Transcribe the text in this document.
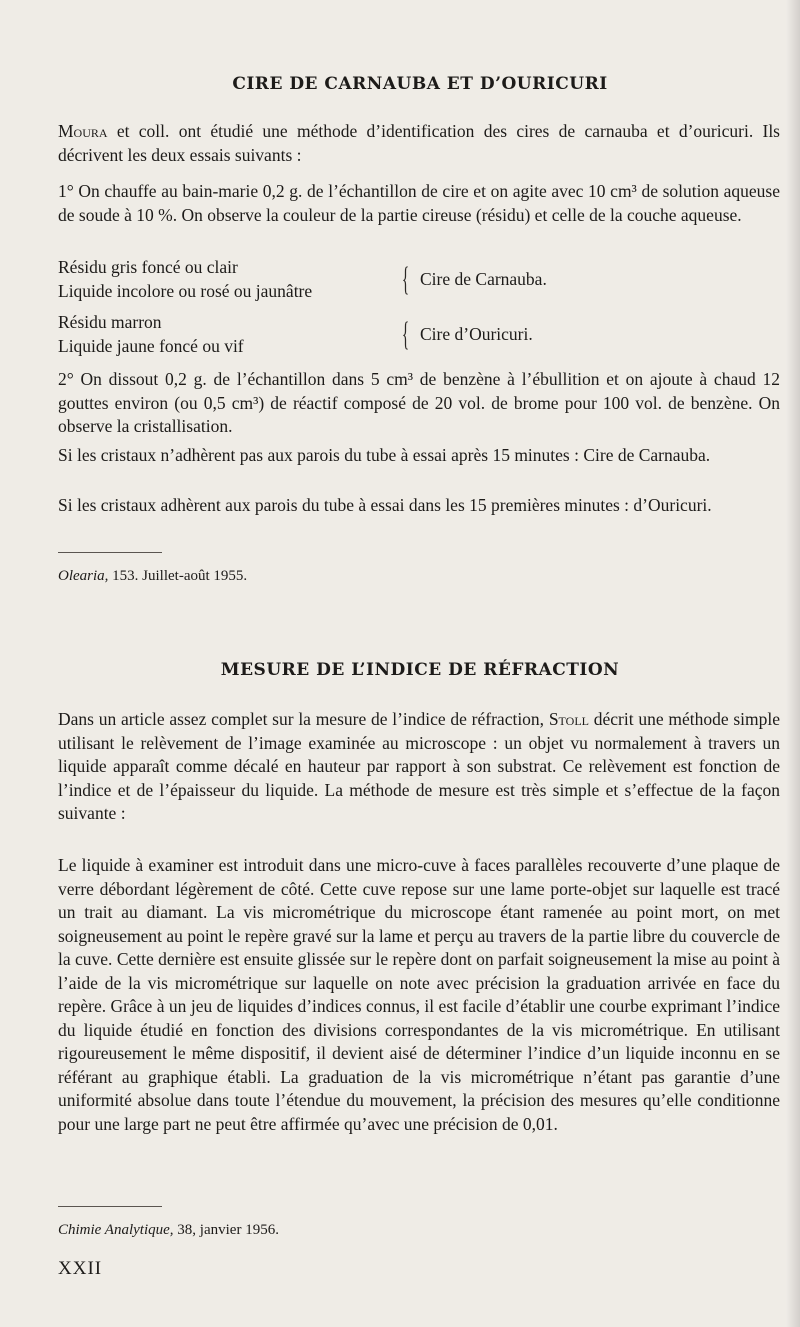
CIRE DE CARNAUBA ET D’OURICURI

Moura et coll. ont étudié une méthode d’identification des cires de carnauba et d’ouricuri. Ils décrivent les deux essais suivants :

1° On chauffe au bain-marie 0,2 g. de l’échantillon de cire et on agite avec 10 cm³ de solution aqueuse de soude à 10 %. On observe la couleur de la partie cireuse (résidu) et celle de la couche aqueuse.

Résidu gris foncé ou clair
Liquide incolore ou rosé ou jaunâtre	{ Cire de Carnauba.
Résidu marron
Liquide jaune foncé ou vif	{ Cire d’Ouricuri.

2° On dissout 0,2 g. de l’échantillon dans 5 cm³ de benzène à l’ébullition et on ajoute à chaud 12 gouttes environ (ou 0,5 cm³) de réactif composé de 20 vol. de brome pour 100 vol. de benzène. On observe la cristallisation.

Si les cristaux n’adhèrent pas aux parois du tube à essai après 15 minutes : Cire de Carnauba.

Si les cristaux adhèrent aux parois du tube à essai dans les 15 premières minutes : d’Ouricuri.

Olearia, 153. Juillet-août 1955.

MESURE DE L’INDICE DE RÉFRACTION

Dans un article assez complet sur la mesure de l’indice de réfraction, Stoll décrit une méthode simple utilisant le relèvement de l’image examinée au microscope : un objet vu normalement à travers un liquide apparaît comme décalé en hauteur par rapport à son substrat. Ce relèvement est fonction de l’indice et de l’épaisseur du liquide. La méthode de mesure est très simple et s’effectue de la façon suivante :

Le liquide à examiner est introduit dans une micro-cuve à faces parallèles recouverte d’une plaque de verre débordant légèrement de côté. Cette cuve repose sur une lame porte-objet sur laquelle est tracé un trait au diamant. La vis micrométrique du microscope étant ramenée au point mort, on met soigneusement au point le repère gravé sur la lame et perçu au travers de la partie libre du couvercle de la cuve. Cette dernière est ensuite glissée sur le repère dont on parfait soigneusement la mise au point à l’aide de la vis micrométrique sur laquelle on note avec précision la graduation arrivée en face du repère. Grâce à un jeu de liquides d’indices connus, il est facile d’établir une courbe exprimant l’indice du liquide étudié en fonction des divisions correspondantes de la vis micrométrique. En utilisant rigoureusement le même dispositif, il devient aisé de déterminer l’indice d’un liquide inconnu en se référant au graphique établi. La graduation de la vis micrométrique n’étant pas garantie d’une uniformité absolue dans toute l’étendue du mouvement, la précision des mesures qu’elle conditionne pour une large part ne peut être affirmée qu’avec une précision de 0,01.

Chimie Analytique, 38, janvier 1956.

XXII
